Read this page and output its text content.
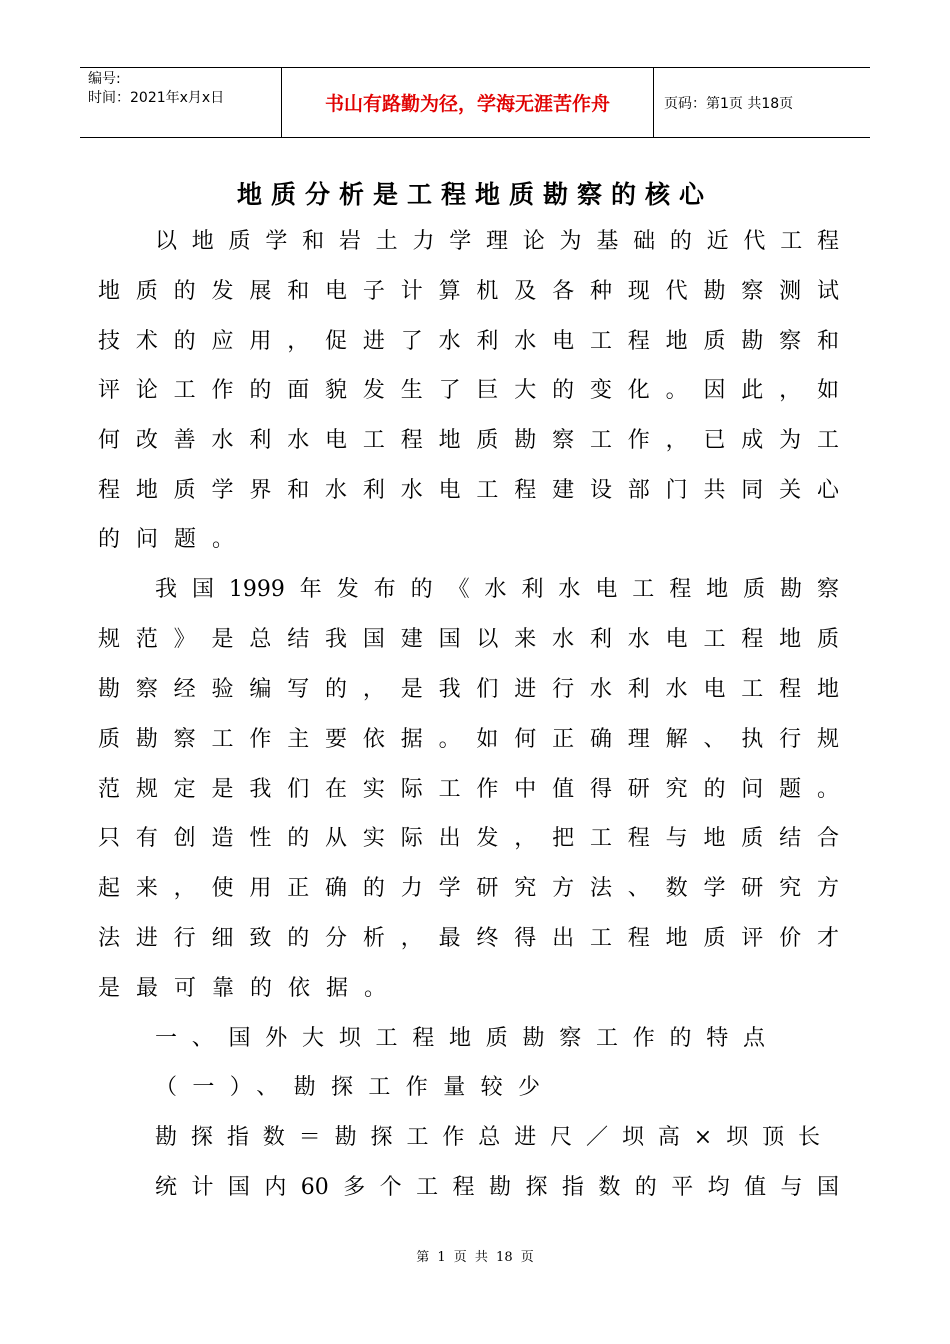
编号:
时间：2021年x月x日	书山有路勤为径，学海无涯苦作舟	页码：第1页 共18页
地质分析是工程地质勘察的核心
以地质学和岩土力学理论为基础的近代工程
地质的发展和电子计算机及各种现代勘察测试
技术的应用，促进了水利水电工程地质勘察和
评论工作的面貌发生了巨大的变化。因此，如
何改善水利水电工程地质勘察工作，已成为工
程地质学界和水利水电工程建设部门共同关心
的问题。
我国1999年发布的《水利水电工程地质勘察
规范》是总结我国建国以来水利水电工程地质
勘察经验编写的，是我们进行水利水电工程地
质勘察工作主要依据。如何正确理解、执行规
范规定是我们在实际工作中值得研究的问题。
只有创造性的从实际出发，把工程与地质结合
起来，使用正确的力学研究方法、数学研究方
法进行细致的分析，最终得出工程地质评价才
是最可靠的依据。
一、国外大坝工程地质勘察工作的特点
（一）、勘探工作量较少
勘探指数＝勘探工作总进尺／坝高×坝顶长
统计国内60多个工程勘探指数的平均值与国
第 1 页 共 18 页
